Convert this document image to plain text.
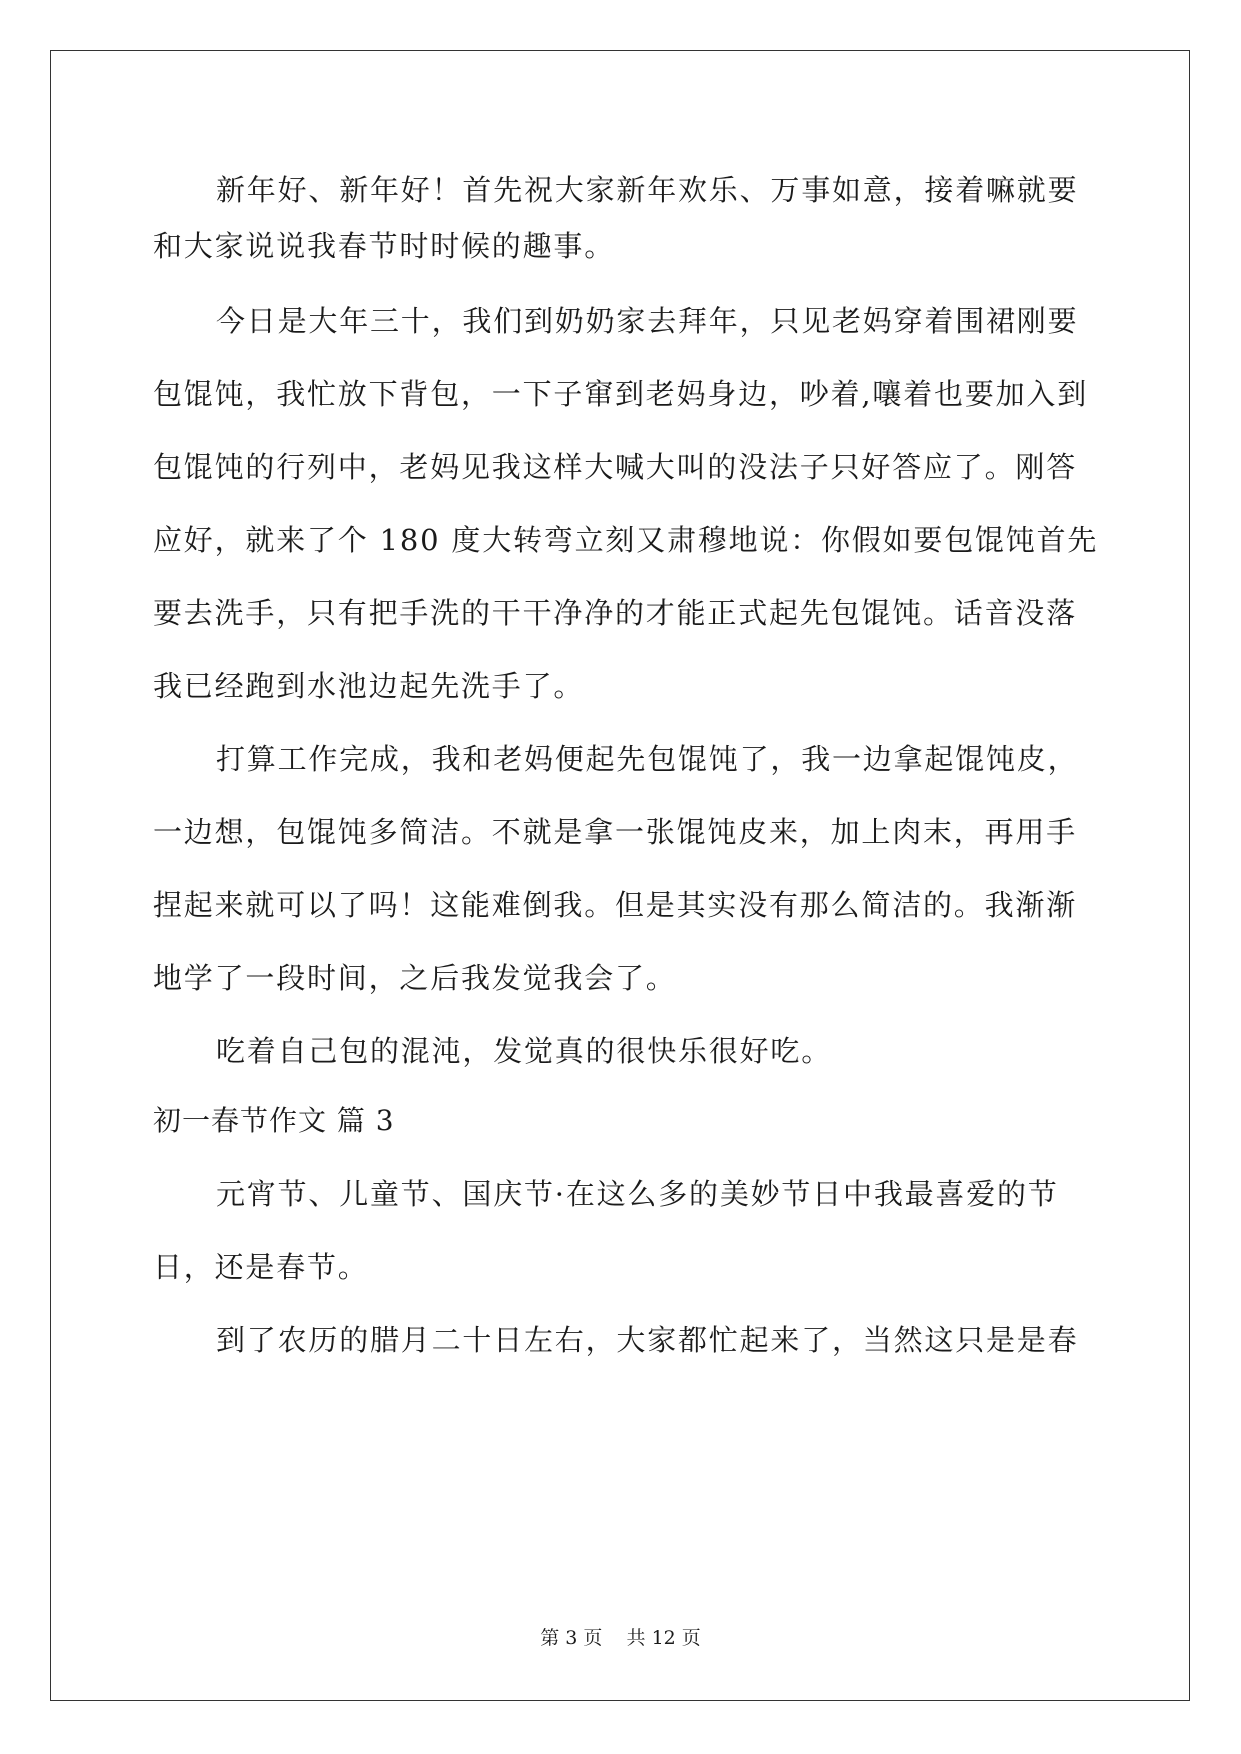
新年好、新年好！首先祝大家新年欢乐、万事如意，接着嘛就要
和大家说说我春节时时候的趣事。
今日是大年三十，我们到奶奶家去拜年，只见老妈穿着围裙刚要
包馄饨，我忙放下背包，一下子窜到老妈身边，吵着,嚷着也要加入到
包馄饨的行列中，老妈见我这样大喊大叫的没法子只好答应了。刚答
应好，就来了个 180 度大转弯立刻又肃穆地说：你假如要包馄饨首先
要去洗手，只有把手洗的干干净净的才能正式起先包馄饨。话音没落
我已经跑到水池边起先洗手了。
打算工作完成，我和老妈便起先包馄饨了，我一边拿起馄饨皮，
一边想，包馄饨多简洁。不就是拿一张馄饨皮来，加上肉末，再用手
捏起来就可以了吗！这能难倒我。但是其实没有那么简洁的。我渐渐
地学了一段时间，之后我发觉我会了。
吃着自己包的混沌，发觉真的很快乐很好吃。
初一春节作文 篇 3
元宵节、儿童节、国庆节·在这么多的美妙节日中我最喜爱的节
日，还是春节。
到了农历的腊月二十日左右，大家都忙起来了，当然这只是是春
第 3 页    共 12 页
